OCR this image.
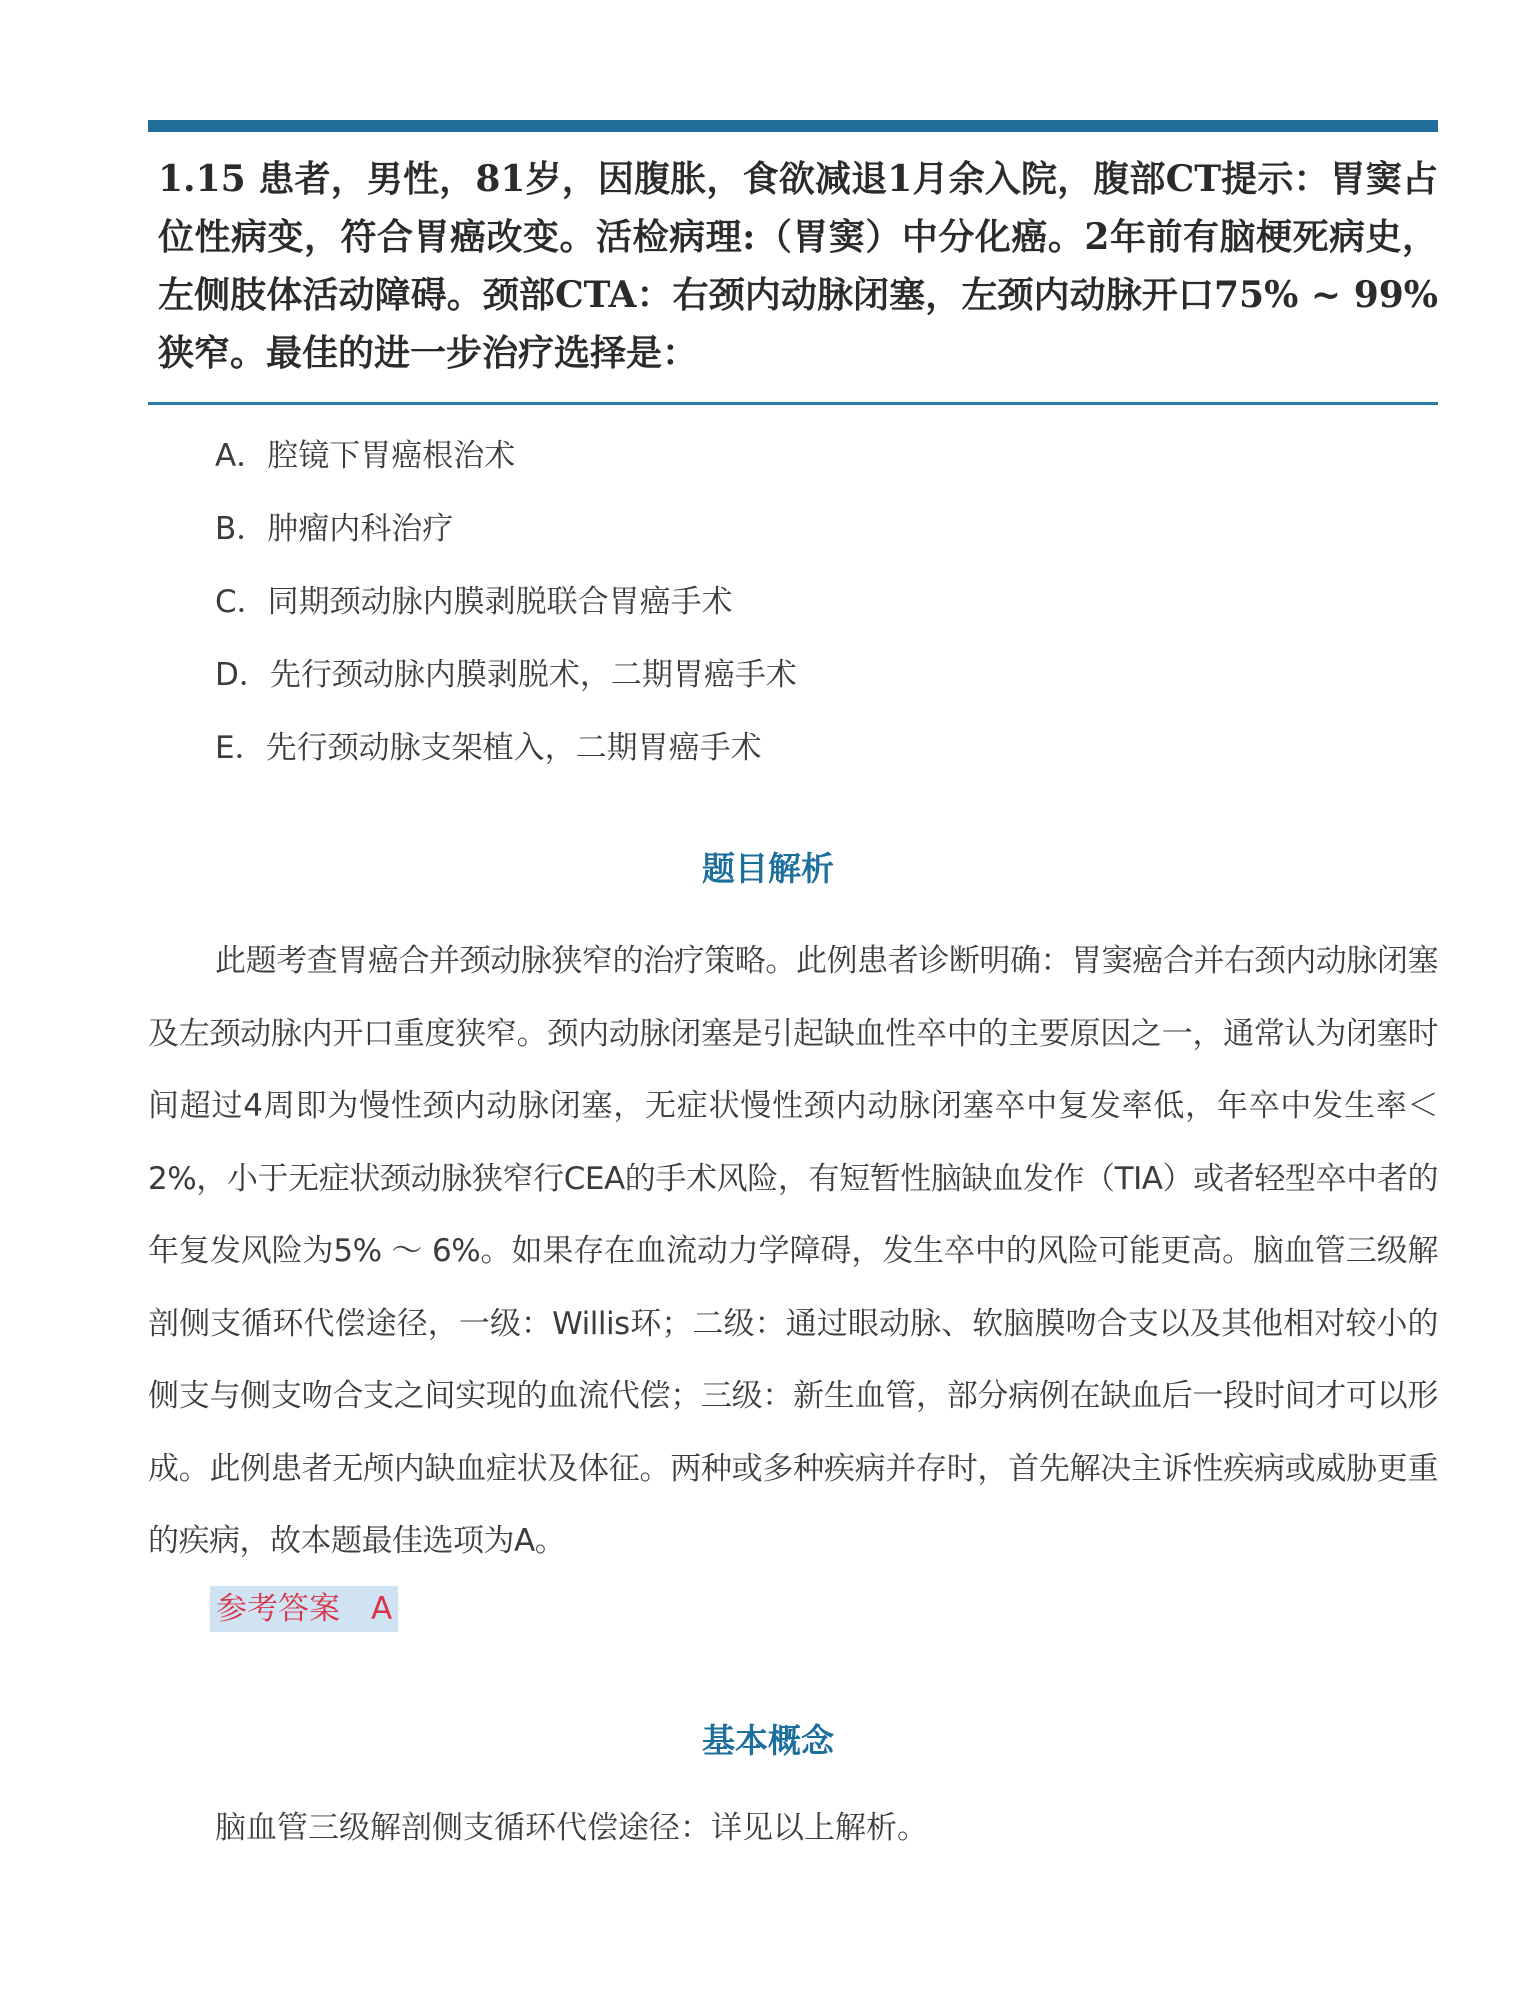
1.15 患者，男性，81岁，因腹胀，食欲减退1月余入院，腹部CT提示：胃窦占位性病变，符合胃癌改变。活检病理:（胃窦）中分化癌。2年前有脑梗死病史，左侧肢体活动障碍。颈部CTA：右颈内动脉闭塞，左颈内动脉开口75% ~ 99%狭窄。最佳的进一步治疗选择是：

A．腔镜下胃癌根治术
B．肿瘤内科治疗
C．同期颈动脉内膜剥脱联合胃癌手术
D．先行颈动脉内膜剥脱术，二期胃癌手术
E．先行颈动脉支架植入，二期胃癌手术
题目解析

此题考查胃癌合并颈动脉狭窄的治疗策略。此例患者诊断明确：胃窦癌合并右颈内动脉闭塞及左颈动脉内开口重度狭窄。颈内动脉闭塞是引起缺血性卒中的主要原因之一，通常认为闭塞时间超过4周即为慢性颈内动脉闭塞，无症状慢性颈内动脉闭塞卒中复发率低，年卒中发生率＜2%，小于无症状颈动脉狭窄行CEA的手术风险，有短暂性脑缺血发作（TIA）或者轻型卒中者的年复发风险为5% ～ 6%。如果存在血流动力学障碍，发生卒中的风险可能更高。脑血管三级解剖侧支循环代偿途径，一级：Willis环；二级：通过眼动脉、软脑膜吻合支以及其他相对较小的侧支与侧支吻合支之间实现的血流代偿；三级：新生血管，部分病例在缺血后一段时间才可以形成。此例患者无颅内缺血症状及体征。两种或多种疾病并存时，首先解决主诉性疾病或威胁更重的疾病，故本题最佳选项为A。

参考答案　A
基本概念

脑血管三级解剖侧支循环代偿途径：详见以上解析。
